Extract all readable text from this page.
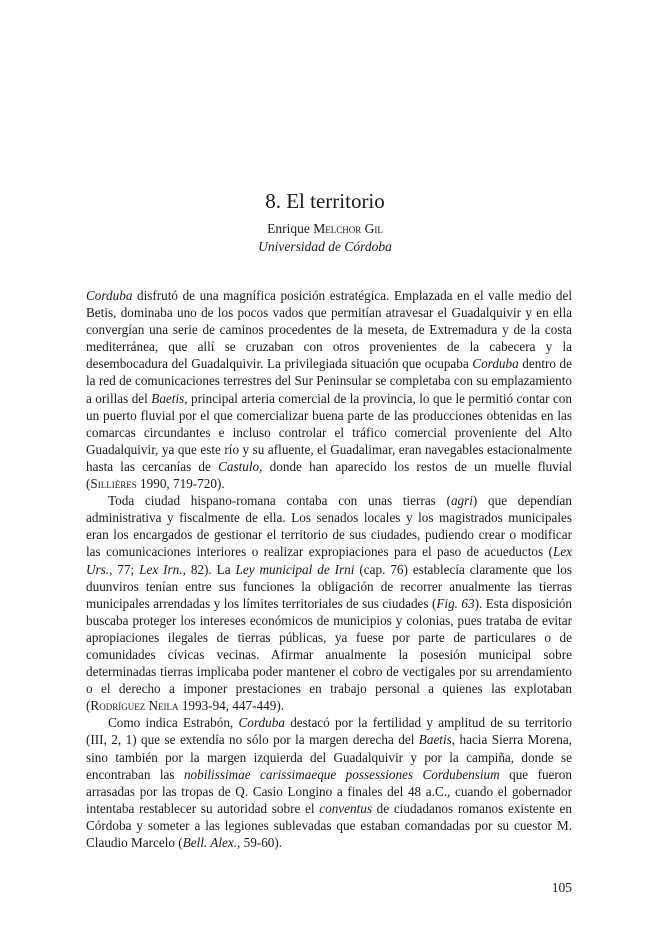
8. El territorio
Enrique Melchor Gil
Universidad de Córdoba

Corduba disfrutó de una magnífica posición estratégica. Emplazada en el valle medio del Betis, dominaba uno de los pocos vados que permitían atravesar el Guadalquivir y en ella convergían una serie de caminos procedentes de la meseta, de Extremadura y de la costa mediterránea, que allí se cruzaban con otros provenientes de la cabecera y la desembocadura del Guadalquivir. La privilegiada situación que ocupaba Corduba dentro de la red de comunicaciones terrestres del Sur Peninsular se completaba con su emplazamiento a orillas del Baetis, principal arteria comercial de la provincia, lo que le permitió contar con un puerto fluvial por el que comercializar buena parte de las producciones obtenidas en las comarcas circundantes e incluso controlar el tráfico comercial proveniente del Alto Guadalquivir, ya que este río y su afluente, el Guadalimar, eran navegables estacionalmente hasta las cercanías de Castulo, donde han aparecido los restos de un muelle fluvial (Sillières 1990, 719-720).

Toda ciudad hispano-romana contaba con unas tierras (agri) que dependían administrativa y fiscalmente de ella. Los senados locales y los magistrados municipales eran los encargados de gestionar el territorio de sus ciudades, pudiendo crear o modificar las comunicaciones interiores o realizar expropiaciones para el paso de acueductos (Lex Urs., 77; Lex Irn., 82). La Ley municipal de Irni (cap. 76) establecía claramente que los duunviros tenían entre sus funciones la obligación de recorrer anualmente las tierras municipales arrendadas y los límites territoriales de sus ciudades (Fig. 63). Esta disposición buscaba proteger los intereses económicos de municipios y colonias, pues trataba de evitar apropiaciones ilegales de tierras públicas, ya fuese por parte de particulares o de comunidades cívicas vecinas. Afirmar anualmente la posesión municipal sobre determinadas tierras implicaba poder mantener el cobro de vectigales por su arrendamiento o el derecho a imponer prestaciones en trabajo personal a quienes las explotaban (Rodríguez Neila 1993-94, 447-449).

Como indica Estrabón, Corduba destacó por la fertilidad y amplitud de su territorio (III, 2, 1) que se extendía no sólo por la margen derecha del Baetis, hacia Sierra Morena, sino también por la margen izquierda del Guadalquivir y por la campiña, donde se encontraban las nobilissimae carissimaeque possessiones Cordubensium que fueron arrasadas por las tropas de Q. Casio Longino a finales del 48 a.C., cuando el gobernador intentaba restablecer su autoridad sobre el conventus de ciudadanos romanos existente en Córdoba y someter a las legiones sublevadas que estaban comandadas por su cuestor M. Claudio Marcelo (Bell. Alex., 59-60).

105
